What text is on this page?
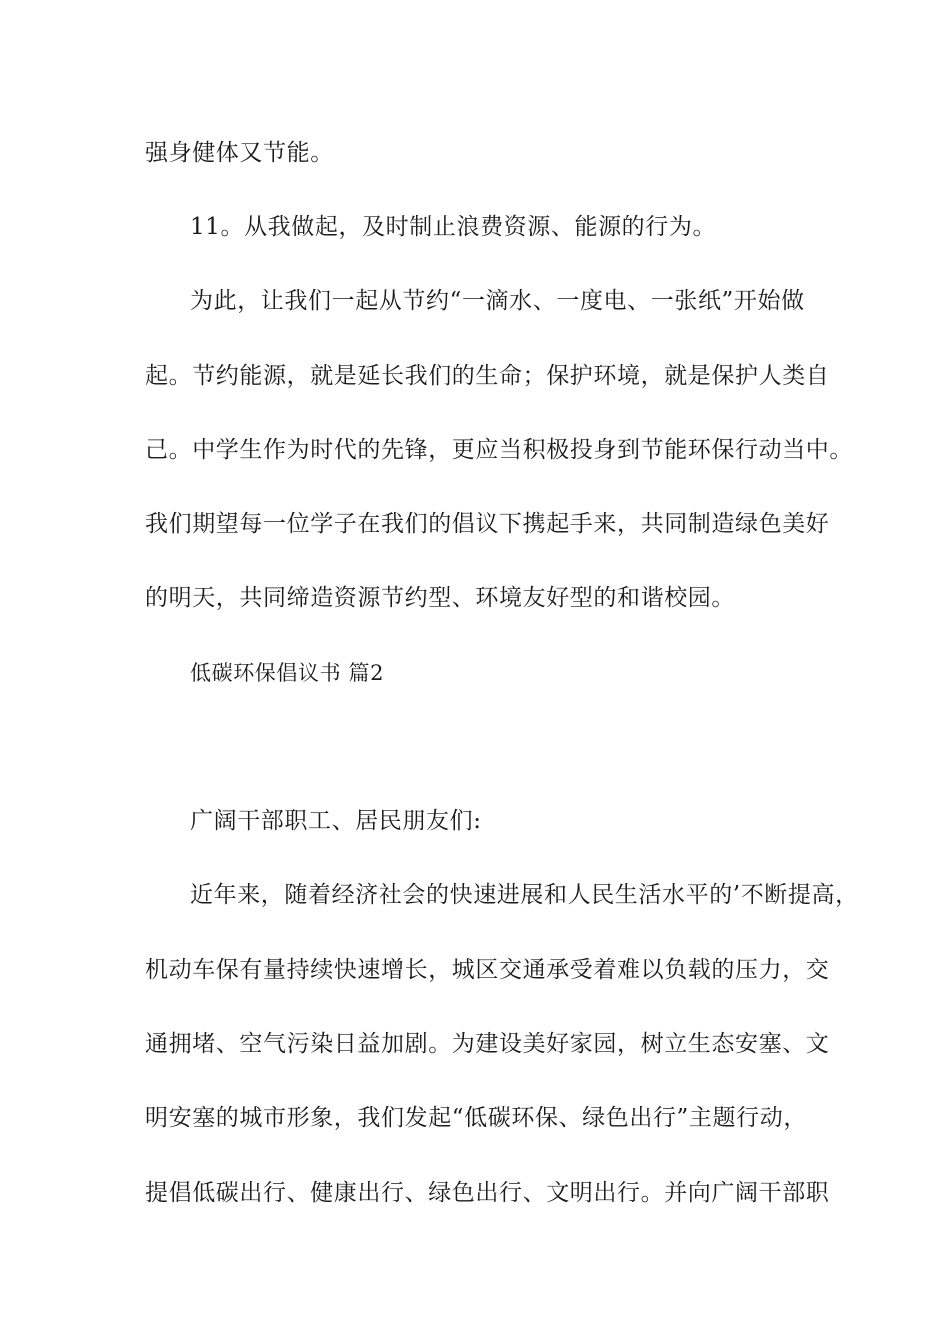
强身健体又节能。
11。从我做起，及时制止浪费资源、能源的行为。
为此，让我们一起从节约“一滴水、一度电、一张纸”开始做
起。节约能源，就是延长我们的生命；保护环境，就是保护人类自
己。中学生作为时代的先锋，更应当积极投身到节能环保行动当中。
我们期望每一位学子在我们的倡议下携起手来，共同制造绿色美好
的明天，共同缔造资源节约型、环境友好型的和谐校园。
低碳环保倡议书 篇2
广阔干部职工、居民朋友们:
近年来，随着经济社会的快速进展和人民生活水平的’不断提高，
机动车保有量持续快速增长，城区交通承受着难以负载的压力，交
通拥堵、空气污染日益加剧。为建设美好家园，树立生态安塞、文
明安塞的城市形象，我们发起“低碳环保、绿色出行”主题行动，
提倡低碳出行、健康出行、绿色出行、文明出行。并向广阔干部职
